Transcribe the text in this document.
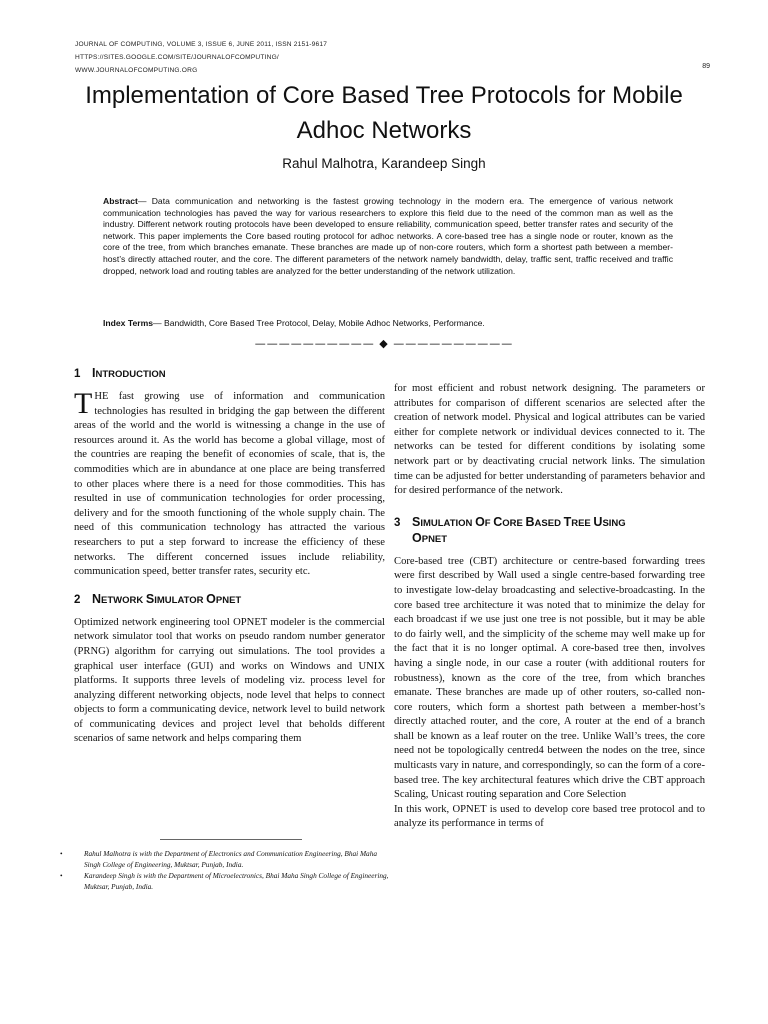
JOURNAL OF COMPUTING, VOLUME 3, ISSUE 6, JUNE 2011, ISSN 2151-9617
HTTPS://SITES.GOOGLE.COM/SITE/JOURNALOFCOMPUTING/
WWW.JOURNALOFCOMPUTING.ORG
89
Implementation of Core Based Tree Protocols for Mobile Adhoc Networks
Rahul Malhotra, Karandeep Singh
Abstract— Data communication and networking is the fastest growing technology in the modern era. The emergence of various network communication technologies has paved the way for various researchers to explore this field due to the need of the common man as well as the industry. Different network routing protocols have been developed to ensure reliability, communication speed, better transfer rates and security of the network. This paper implements the Core based routing protocol for adhoc networks. A core-based tree has a single node or router, known as the core of the tree, from which branches emanate. These branches are made up of non-core routers, which form a shortest path between a member-host’s directly attached router, and the core. The different parameters of the network namely bandwidth, delay, traffic sent, traffic received and traffic dropped, network load and routing tables are analyzed for the better understanding of the network utilization.
Index Terms— Bandwidth, Core Based Tree Protocol, Delay, Mobile Adhoc Networks, Performance.
—————————— ◆ ——————————
1 INTRODUCTION

THE fast growing use of information and communication technologies has resulted in bridging the gap between the different areas of the world and the world is witnessing a change in the use of resources around it. As the world has become a global village, most of the countries are reaping the benefit of economies of scale, that is, the commodities which are in abundance at one place are being transferred to other places where there is a need for those commodities. This has resulted in use of communication technologies for order processing, delivery and for the smooth functioning of the whole supply chain. The need of this communication technology has attracted the various researchers to put a step forward to increase the efficiency of these networks. The different concerned issues include reliability, communication speed, better transfer rates, security etc.

2 NETWORK SIMULATOR OPNET

Optimized network engineering tool OPNET modeler is the commercial network simulator tool that works on pseudo random number generator (PRNG) algorithm for carrying out simulations. The tool provides a graphical user interface (GUI) and works on Windows and UNIX platforms. It supports three levels of modeling viz. process level for analyzing different networking objects, node level that helps to connect objects to form a communicating device, network level to build network of communicating devices and project level that beholds different scenarios of same network and helps comparing them

for most efficient and robust network designing. The parameters or attributes for comparison of different scenarios are selected after the creation of network model. Physical and logical attributes can be varied either for complete network or individual devices connected to it. The networks can be tested for different conditions by isolating some network part or by deactivating crucial network links. The simulation time can be adjusted for better understanding of parameters behavior and for desired performance of the network.

3 SIMULATION OF CORE BASED TREE USING
OPNET

Core-based tree (CBT) architecture or centre-based forwarding trees were first described by Wall used a single centre-based forwarding tree to investigate low-delay broadcasting and selective-broadcasting. In the core based tree architecture it was noted that to minimize the delay for each broadcast if we use just one tree is not possible, but it may be able to do fairly well, and the simplicity of the scheme may well make up for the fact that it is no longer optimal. A core-based tree then, involves having a single node, in our case a router (with additional routers for robustness), known as the core of the tree, from which branches emanate. These branches are made up of other routers, so-called non-core routers, which form a shortest path between a member-host’s directly attached router, and the core, A router at the end of a branch shall be known as a leaf router on the tree. Unlike Wall’s trees, the core need not be topologically centred4 between the nodes on the tree, since multicasts vary in nature, and correspondingly, so can the form of a core-based tree. The key architectural features which drive the CBT approach Scaling, Unicast routing separation and Core Selection

In this work, OPNET is used to develop core based tree protocol and to analyze its performance in terms of

•	Rahul Malhotra is with the Department of Electronics and Communication Engineering, Bhai Maha Singh College of Engineering, Muktsar, Punjab, India.
•	Karandeep Singh is with the Department of Microelectronics, Bhai Maha Singh College of Engineering, Muktsar, Punjab, India.
